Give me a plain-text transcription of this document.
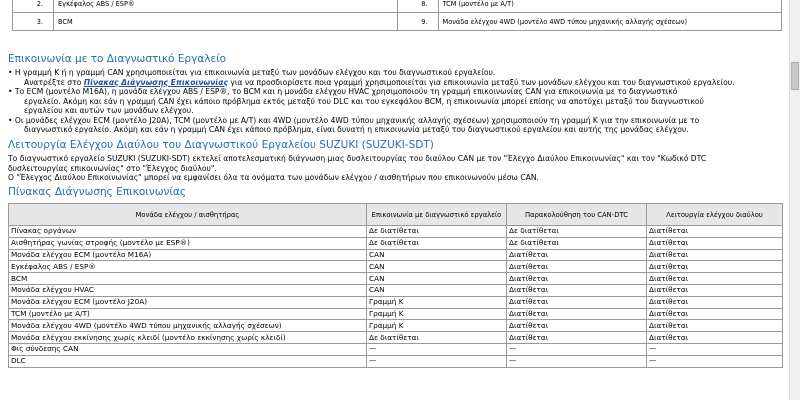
2.	Εγκέφαλος ABS / ESP®	8.	TCM (μοντέλο με A/T)
3.	BCM	9.	Μονάδα ελέγχου 4WD (μοντέλο 4WD τύπου μηχανικής αλλαγής σχέσεων)
Επικοινωνία με το Διαγνωστικό Εργαλείο
• Η γραμμή K ή η γραμμή CAN χρησιμοποιείται για επικοινωνία μεταξύ των μονάδων ελέγχου και του διαγνωστικού εργαλείου.
Ανατρέξτε στο Πίνακας Διάγνωσης Επικοινωνίας για να προσδιορίσετε ποια γραμμή χρησιμοποιείται για επικοινωνία μεταξύ των μονάδων ελέγχου και του διαγνωστικού εργαλείου.
• Το ECM (μοντέλο M16A), η μονάδα ελέγχου ABS / ESP®, το BCM και η μονάδα ελέγχου HVAC χρησιμοποιούν τη γραμμή επικοινωνίας CAN για επικοινωνία με το διαγνωστικό
εργαλείο. Ακόμη και εάν η γραμμή CAN έχει κάποιο πρόβλημα εκτός μεταξύ του DLC και του εγκεφάλου BCM, η επικοινωνία μπορεί επίσης να αποτύχει μεταξύ του διαγνωστικού
εργαλείου και αυτών των μονάδων ελέγχου.
• Οι μονάδες ελέγχου ECM (μοντέλο J20A), TCM (μοντέλο με A/T) και 4WD (μοντέλο 4WD τύπου μηχανικής αλλαγής σχέσεων) χρησιμοποιούν τη γραμμή K για την επικοινωνία με το
διαγνωστικό εργαλείο. Ακόμη και εάν η γραμμή CAN έχει κάποιο πρόβλημα, είναι δυνατή η επικοινωνία μεταξύ του διαγνωστικού εργαλείου και αυτής της μονάδας ελέγχου.
Λειτουργία Ελέγχου Διαύλου του Διαγνωστικού Εργαλείου SUZUKI (SUZUKI-SDT)
Το διαγνωστικό εργαλείο SUZUKI (SUZUKI-SDT) εκτελεί αποτελεσματική διάγνωση μιας δυσλειτουργίας του διαύλου CAN με τον "Έλεγχο Διαύλου Επικοινωνίας" και τον "Κωδικό DTC
δυσλειτουργίας επικοινωνίας" στο "Έλεγχος διαύλου".
Ο "Έλεγχος Διαύλου Επικοινωνίας" μπορεί να εμφανίσει όλα τα ονόματα των μονάδων ελέγχου / αισθητήρων που επικοινωνούν μέσω CAN.
Πίνακας Διάγνωσης Επικοινωνίας
Μονάδα ελέγχου / αισθητήρας	Επικοινωνία με διαγνωστικό εργαλείο	Παρακολούθηση του CAN-DTC	Λειτουργία ελέγχου διαύλου
Πίνακας οργάνων	Δε διατίθεται	Δε διατίθεται	Διατίθεται
Αισθητήρας γωνίας στροφής (μοντέλο με ESP®)	Δε διατίθεται	Δε διατίθεται	Διατίθεται
Μονάδα ελέγχου ECM (μοντέλο M16A)	CAN	Διατίθεται	Διατίθεται
Εγκέφαλος ABS / ESP®	CAN	Διατίθεται	Διατίθεται
BCM	CAN	Διατίθεται	Διατίθεται
Μονάδα ελέγχου HVAC	CAN	Διατίθεται	Διατίθεται
Μονάδα ελέγχου ECM (μοντέλο J20A)	Γραμμή K	Διατίθεται	Διατίθεται
TCM (μοντέλο με A/T)	Γραμμή K	Διατίθεται	Διατίθεται
Μονάδα ελέγχου 4WD (μοντέλο 4WD τύπου μηχανικής αλλαγής σχέσεων)	Γραμμή K	Διατίθεται	Διατίθεται
Μονάδα ελέγχου εκκίνησης χωρίς κλειδί (μοντέλο εκκίνησης χωρίς κλειδί)	Δε διατίθεται	Διατίθεται	Διατίθεται
Φις σύνδεσης CAN	—	—	—
DLC	—	—	—
